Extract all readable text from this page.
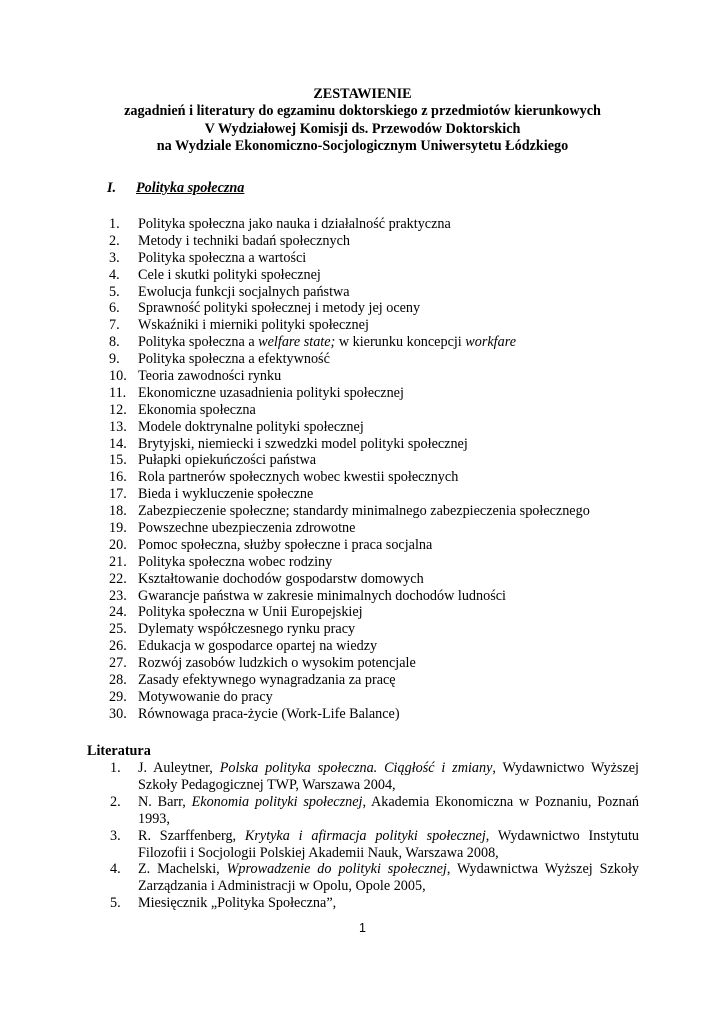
ZESTAWIENIE
zagadnień i literatury do egzaminu doktorskiego z przedmiotów kierunkowych
V Wydziałowej Komisji ds. Przewodów Doktorskich
na Wydziale Ekonomiczno-Socjologicznym Uniwersytetu Łódzkiego
I. Polityka społeczna
1.	Polityka społeczna jako nauka i działalność praktyczna
2.	Metody i techniki badań społecznych
3.	Polityka społeczna a wartości
4.	Cele i skutki polityki społecznej
5.	Ewolucja funkcji socjalnych państwa
6.	Sprawność polityki społecznej i metody jej oceny
7.	Wskaźniki i mierniki polityki społecznej
8.	Polityka społeczna a welfare state; w kierunku koncepcji workfare
9.	Polityka społeczna a efektywność
10. Teoria zawodności rynku
11. Ekonomiczne uzasadnienia polityki społecznej
12. Ekonomia społeczna
13. Modele doktrynalne polityki społecznej
14. Brytyjski, niemiecki i szwedzki model polityki społecznej
15. Pułapki opiekuńczości państwa
16. Rola partnerów społecznych wobec kwestii społecznych
17. Bieda i wykluczenie społeczne
18. Zabezpieczenie społeczne; standardy minimalnego zabezpieczenia społecznego
19. Powszechne ubezpieczenia zdrowotne
20. Pomoc społeczna, służby społeczne i praca socjalna
21. Polityka społeczna wobec rodziny
22. Kształtowanie dochodów gospodarstw domowych
23. Gwarancje państwa w zakresie minimalnych dochodów ludności
24. Polityka społeczna w Unii Europejskiej
25. Dylematy współczesnego rynku pracy
26. Edukacja w gospodarce opartej na wiedzy
27. Rozwój zasobów ludzkich o wysokim potencjale
28. Zasady efektywnego wynagradzania za pracę
29. Motywowanie do pracy
30. Równowaga praca-życie (Work-Life Balance)
Literatura
1.	J. Auleytner, Polska polityka społeczna. Ciągłość i zmiany, Wydawnictwo Wyższej Szkoły Pedagogicznej TWP, Warszawa 2004,
2.	N. Barr, Ekonomia polityki społecznej, Akademia Ekonomiczna w Poznaniu, Poznań 1993,
3.	R. Szarffenberg, Krytyka i afirmacja polityki społecznej, Wydawnictwo Instytutu Filozofii i Socjologii Polskiej Akademii Nauk, Warszawa 2008,
4.	Z. Machelski, Wprowadzenie do polityki społecznej, Wydawnictwa Wyższej Szkoły Zarządzania i Administracji w Opolu, Opole 2005,
5.	Miesięcznik „Polityka Społeczna”,
1
